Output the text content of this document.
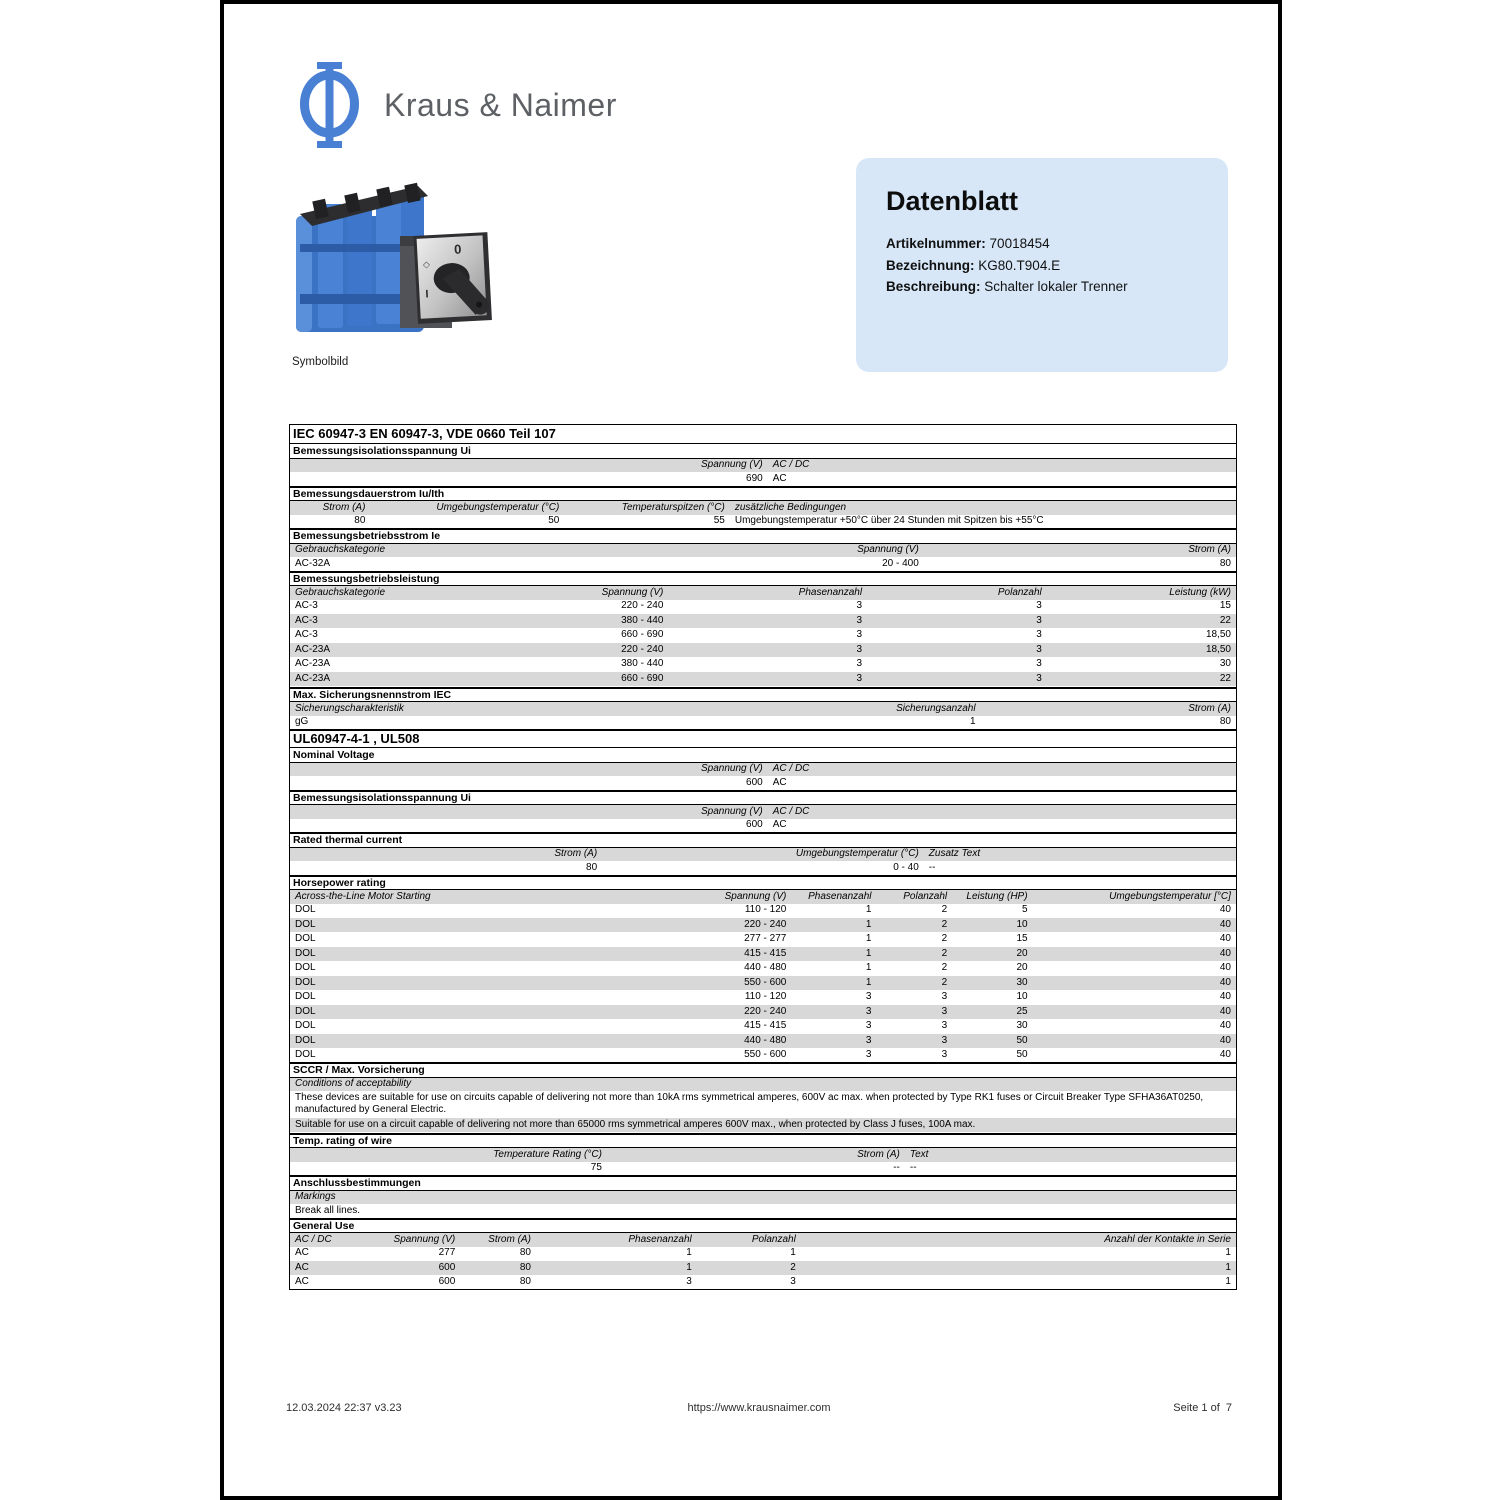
Kraus & Naimer
0
I
◇
Symbolbild
Datenblatt
Artikelnummer: 70018454
Bezeichnung: KG80.T904.E
Beschreibung: Schalter lokaler Trenner
IEC 60947-3 EN 60947-3, VDE 0660 Teil 107
Bemessungsisolationsspannung Ui
Spannung (V)	AC / DC
690	AC
Bemessungsdauerstrom Iu/Ith
Strom (A)	Umgebungstemperatur (°C)	Temperaturspitzen (°C)	zusätzliche Bedingungen
80	50	55	Umgebungstemperatur +50°C über 24 Stunden mit Spitzen bis +55°C
Bemessungsbetriebsstrom Ie
Gebrauchskategorie	Spannung (V)	Strom (A)
AC-32A	20 - 400	80
Bemessungsbetriebsleistung
Gebrauchskategorie	Spannung (V)	Phasenanzahl	Polanzahl	Leistung (kW)
AC-3	220 - 240	3	3	15
AC-3	380 - 440	3	3	22
AC-3	660 - 690	3	3	18,50
AC-23A	220 - 240	3	3	18,50
AC-23A	380 - 440	3	3	30
AC-23A	660 - 690	3	3	22
Max. Sicherungsnennstrom IEC
Sicherungscharakteristik	Sicherungsanzahl	Strom (A)
gG	1	80
UL60947-4-1 , UL508
Nominal Voltage
Spannung (V)	AC / DC
600	AC
Bemessungsisolationsspannung Ui
Spannung (V)	AC / DC
600	AC
Rated thermal current
Strom (A)	Umgebungstemperatur (°C)	Zusatz Text
80	0 - 40	--
Horsepower rating
Across-the-Line Motor Starting	Spannung (V)	Phasenanzahl	Polanzahl	Leistung (HP)	Umgebungstemperatur [°C]
DOL	110 - 120	1	2	5	40
DOL	220 - 240	1	2	10	40
DOL	277 - 277	1	2	15	40
DOL	415 - 415	1	2	20	40
DOL	440 - 480	1	2	20	40
DOL	550 - 600	1	2	30	40
DOL	110 - 120	3	3	10	40
DOL	220 - 240	3	3	25	40
DOL	415 - 415	3	3	30	40
DOL	440 - 480	3	3	50	40
DOL	550 - 600	3	3	50	40
SCCR / Max. Vorsicherung
Conditions of acceptability
These devices are suitable for use on circuits capable of delivering not more than 10kA rms symmetrical amperes, 600V ac max. when protected by Type RK1 fuses or Circuit Breaker Type SFHA36AT0250, manufactured by General Electric.
Suitable for use on a circuit capable of delivering not more than 65000 rms symmetrical amperes 600V max., when protected by Class J fuses, 100A max.
Temp. rating of wire
Temperature Rating (°C)	Strom (A)	Text
75	--	--
Anschlussbestimmungen
Markings
Break all lines.
General Use
AC / DC	Spannung (V)	Strom (A)	Phasenanzahl	Polanzahl	Anzahl der Kontakte in Serie
AC	277	80	1	1	1
AC	600	80	1	2	1
AC	600	80	3	3	1
12.03.2024 22:37 v3.23	https://www.krausnaimer.com	Seite 1 of  7
